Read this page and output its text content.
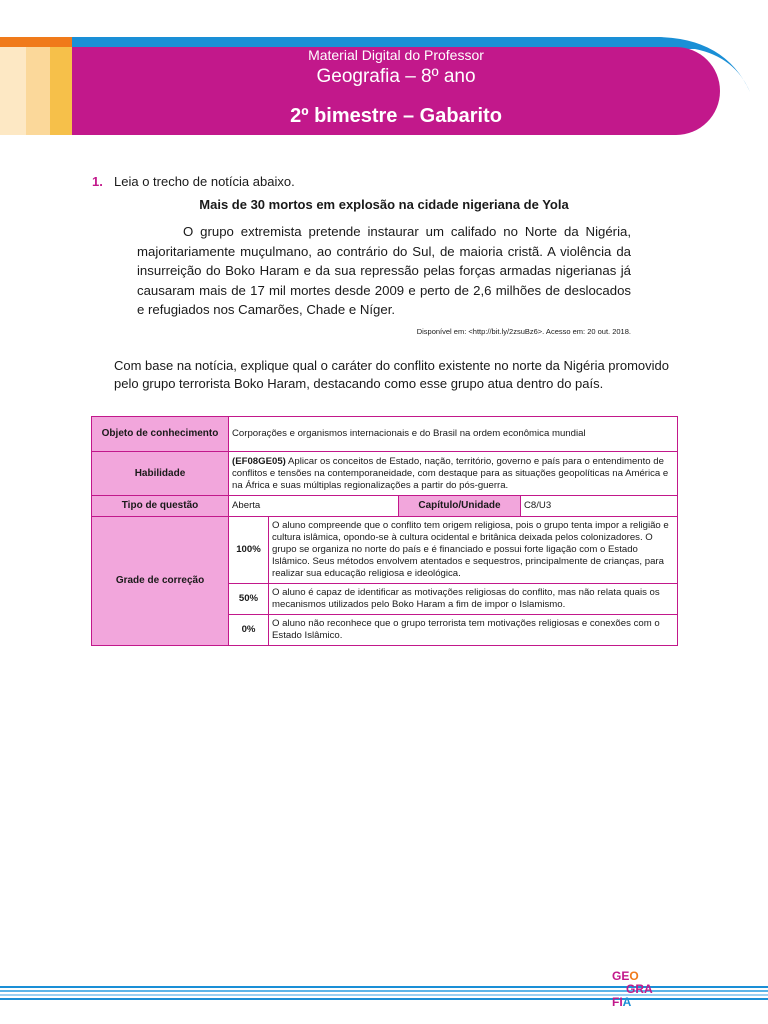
Material Digital do Professor
Geografia – 8º ano
2º bimestre – Gabarito
1. Leia o trecho de notícia abaixo.
Mais de 30 mortos em explosão na cidade nigeriana de Yola
O grupo extremista pretende instaurar um califado no Norte da Nigéria, majoritariamente muçulmano, ao contrário do Sul, de maioria cristã. A violência da insurreição do Boko Haram e da sua repressão pelas forças armadas nigerianas já causaram mais de 17 mil mortes desde 2009 e perto de 2,6 milhões de deslocados e refugiados nos Camarões, Chade e Níger.
Disponível em: <http://bit.ly/2zsuBz6>. Acesso em: 20 out. 2018.
Com base na notícia, explique qual o caráter do conflito existente no norte da Nigéria promovido pelo grupo terrorista Boko Haram, destacando como esse grupo atua dentro do país.
Objeto de conhecimento	Corporações e organismos internacionais e do Brasil na ordem econômica mundial			
Habilidade	(EF08GE05) Aplicar os conceitos de Estado, nação, território, governo e país para o entendimento de conflitos e tensões na contemporaneidade, com destaque para as situações geopolíticas na América e na África e suas múltiplas regionalizações a partir do pós-guerra.			
Tipo de questão	Aberta		Capítulo/Unidade	C8/U3
Grade de correção	100%	O aluno compreende que o conflito tem origem religiosa, pois o grupo tenta impor a religião e cultura islâmica, opondo-se à cultura ocidental e britânica deixada pelos colonizadores. O grupo se organiza no norte do país e é financiado e possui forte ligação com o Estado Islâmico. Seus métodos envolvem atentados e sequestros, principalmente de crianças, para realizar sua educação religiosa e ideológica.		
	50%	O aluno é capaz de identificar as motivações religiosas do conflito, mas não relata quais os mecanismos utilizados pelo Boko Haram a fim de impor o Islamismo.		
	0%	O aluno não reconhece que o grupo terrorista tem motivações religiosas e conexões com o Estado Islâmico.		
GEO
GRA
FIA
